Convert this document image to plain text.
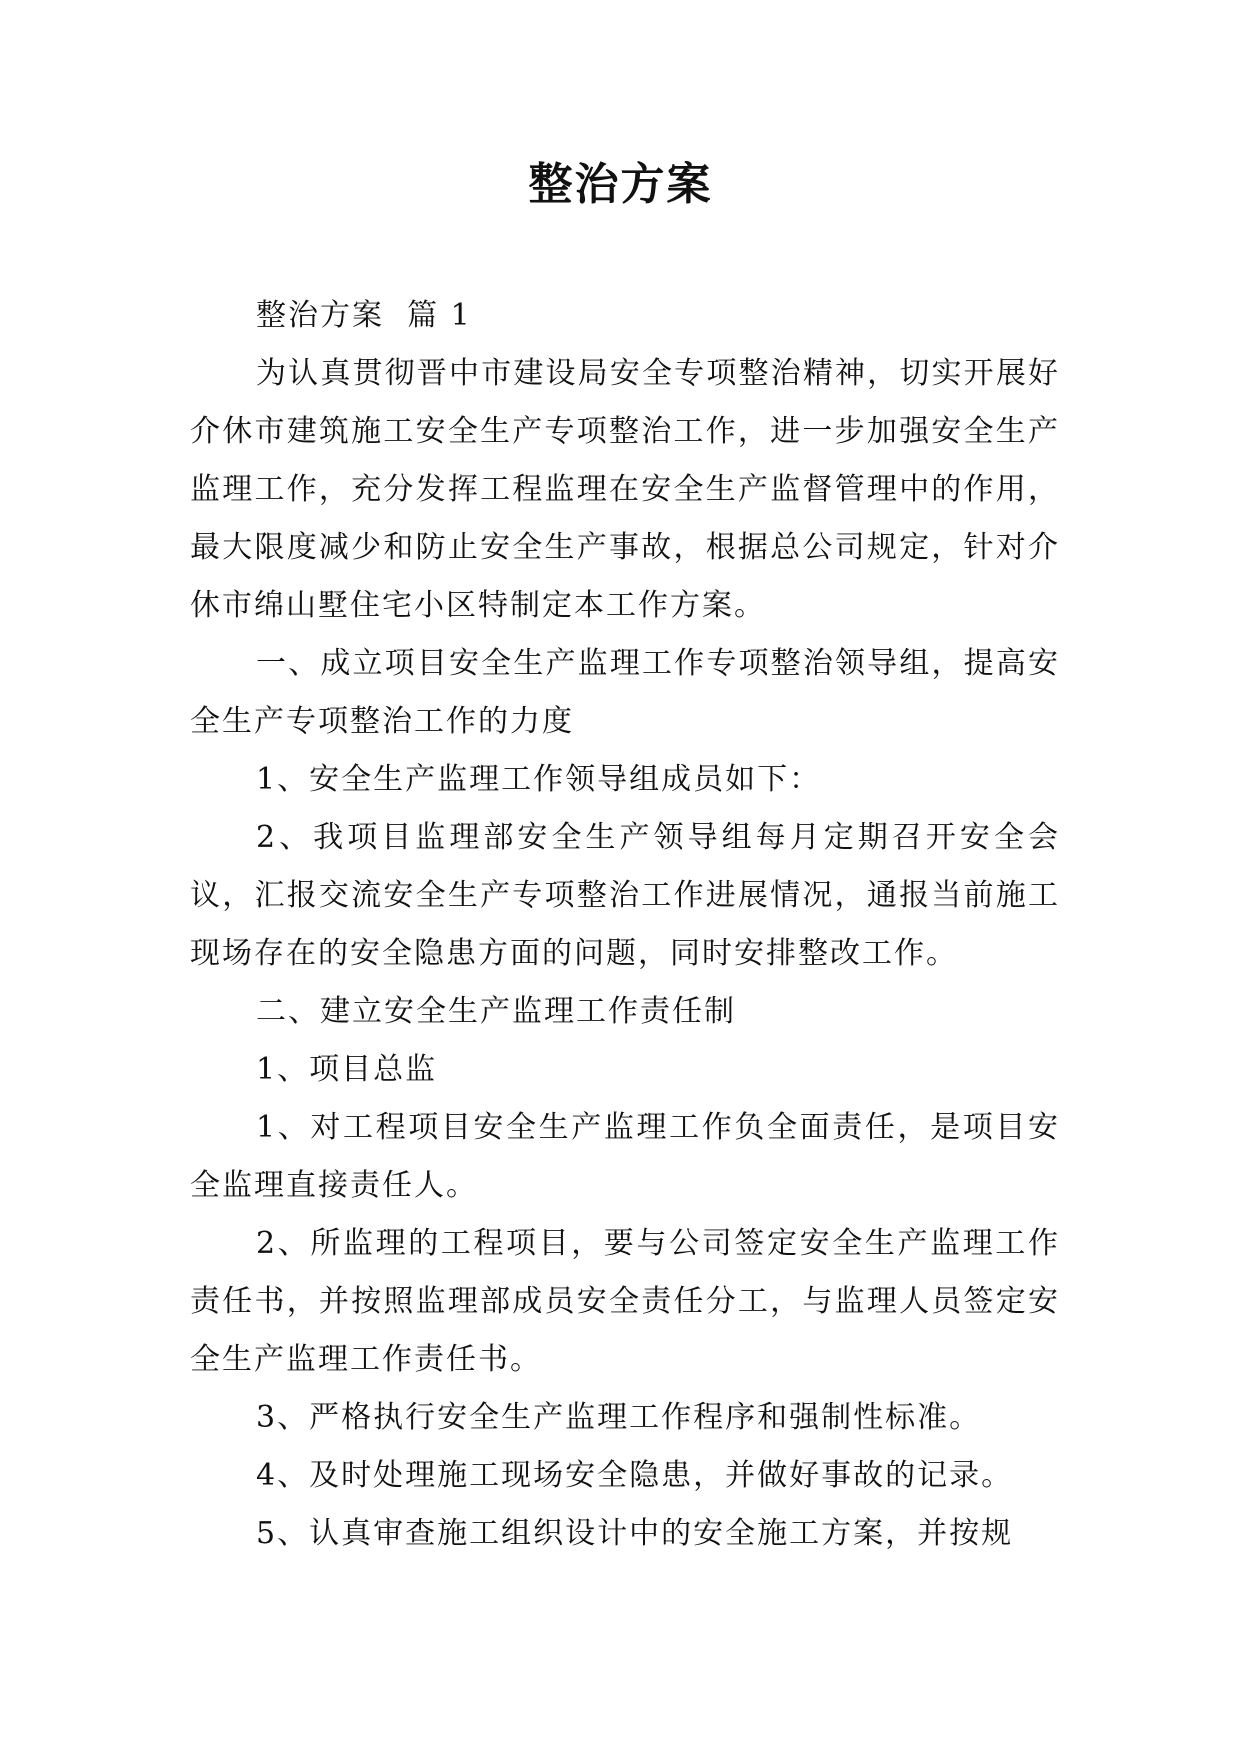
整治方案

整治方案  篇 1

为认真贯彻晋中市建设局安全专项整治精神，切实开展好介休市建筑施工安全生产专项整治工作，进一步加强安全生产监理工作，充分发挥工程监理在安全生产监督管理中的作用，最大限度减少和防止安全生产事故，根据总公司规定，针对介休市绵山墅住宅小区特制定本工作方案。

一、成立项目安全生产监理工作专项整治领导组，提高安全生产专项整治工作的力度

1、安全生产监理工作领导组成员如下：

2、我项目监理部安全生产领导组每月定期召开安全会议，汇报交流安全生产专项整治工作进展情况，通报当前施工现场存在的安全隐患方面的问题，同时安排整改工作。

二、建立安全生产监理工作责任制

1、项目总监

1、对工程项目安全生产监理工作负全面责任，是项目安全监理直接责任人。

2、所监理的工程项目，要与公司签定安全生产监理工作责任书，并按照监理部成员安全责任分工，与监理人员签定安全生产监理工作责任书。

3、严格执行安全生产监理工作程序和强制性标准。

4、及时处理施工现场安全隐患，并做好事故的记录。

5、认真审查施工组织设计中的安全施工方案，并按规
